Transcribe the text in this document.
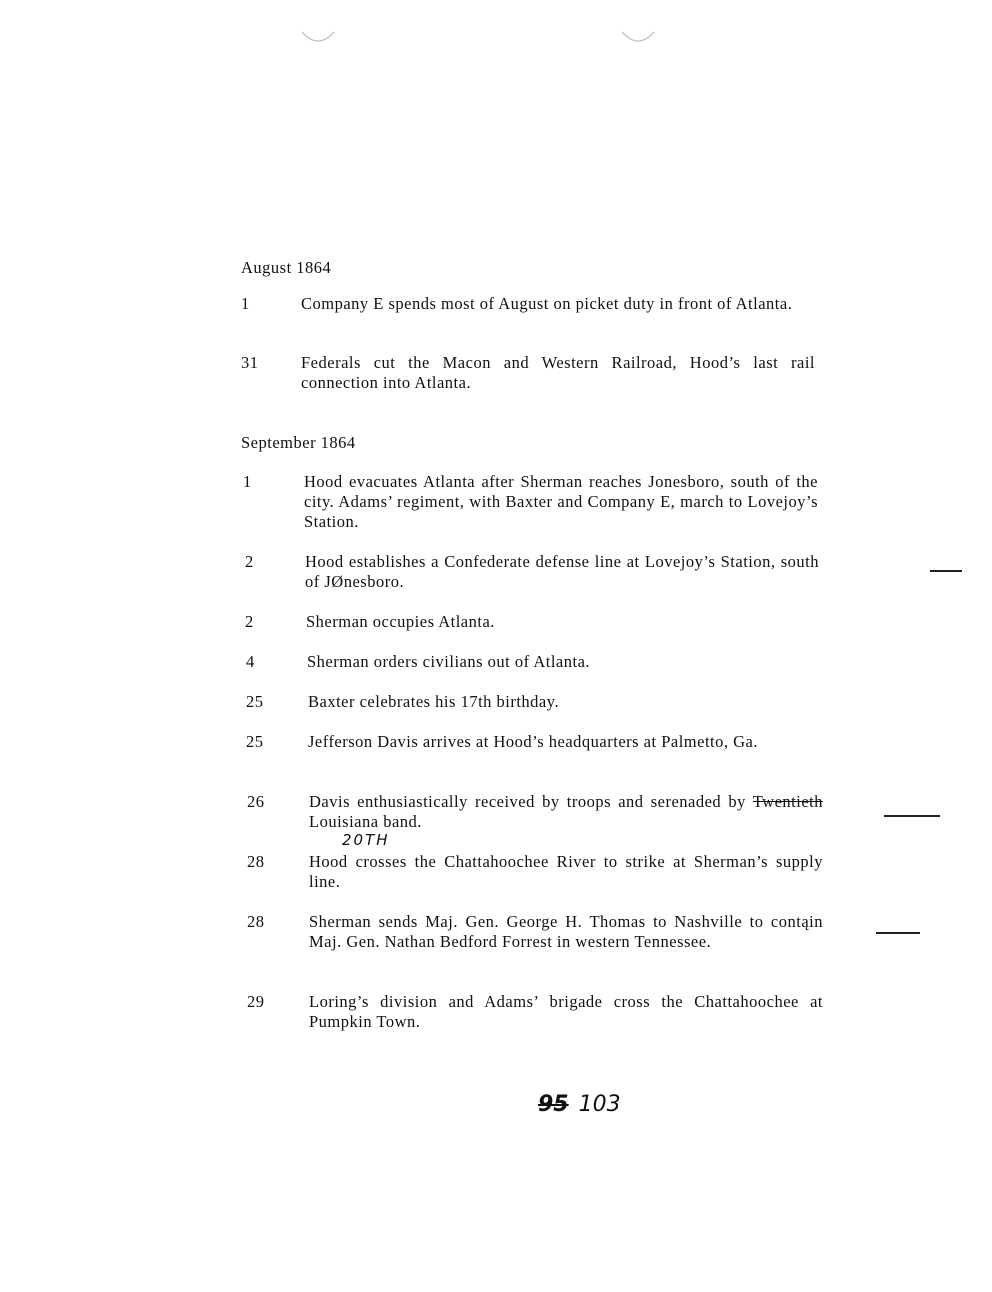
August 1864
1	Company E spends most of August on picket duty in front of Atlanta.
31	Federals cut the Macon and Western Railroad, Hood’s last rail connection into Atlanta.
September 1864
1	Hood evacuates Atlanta after Sherman reaches Jonesboro, south of the city. Adams’ regiment, with Baxter and Company E, march to Lovejoy’s Station.
2	Hood establishes a Confederate defense line at Lovejoy’s Station, south of JØnesboro.
2	Sherman occupies Atlanta.
4	Sherman orders civilians out of Atlanta.
25	Baxter celebrates his 17th birthday.
25	Jefferson Davis arrives at Hood’s headquarters at Palmetto, Ga.
26	Davis enthusiastically received by troops and serenaded by Twentieth Louisiana band.
20TH
28	Hood crosses the Chattahoochee River to strike at Sherman’s supply line.
28	Sherman sends Maj. Gen. George H. Thomas to Nashville to contąin Maj. Gen. Nathan Bedford Forrest in western Tennessee.
29	Loring’s division and Adams’ brigade cross the Chattahoochee at Pumpkin Town.
95 103
